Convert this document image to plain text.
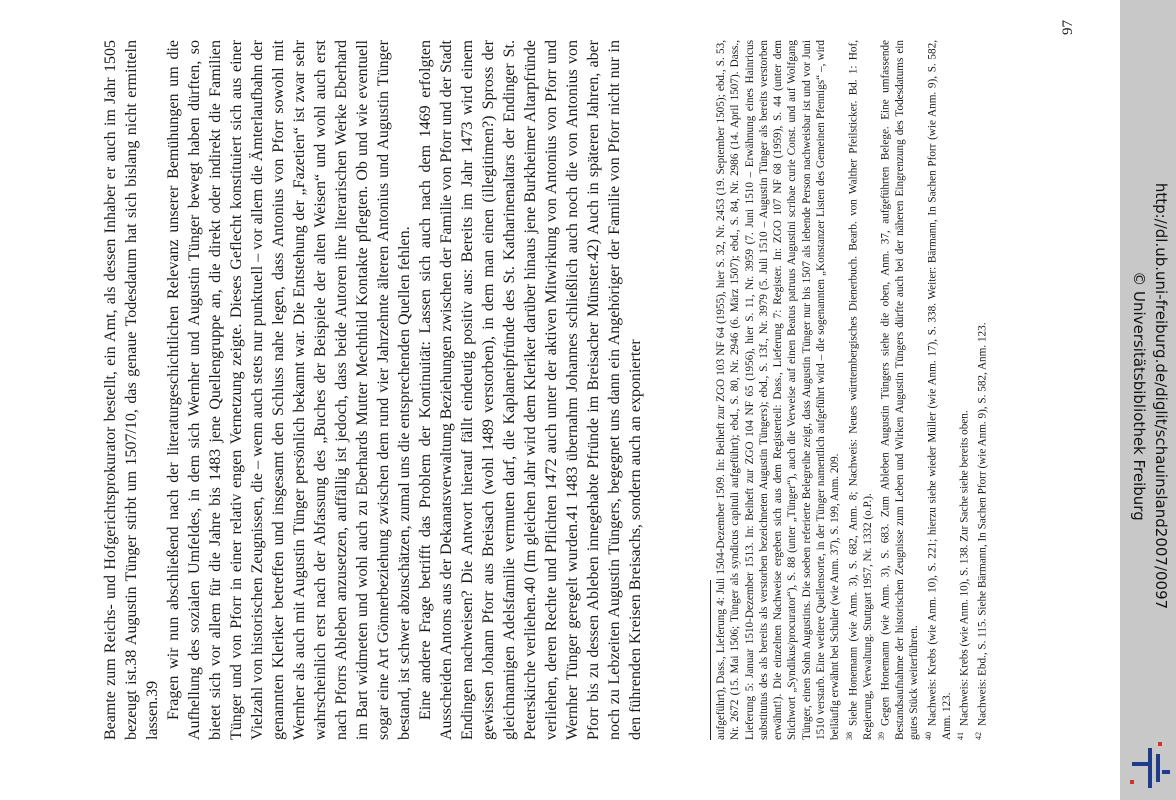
Beamte zum Reichs- und Hofgerichtsprokurator bestellt, ein Amt, als dessen Inhaber er auch im Jahr 1505 bezeugt ist.38 Augustin Tünger stirbt um 1507/10, das genaue Todesdatum hat sich bislang nicht ermitteln lassen.39 Fragen wir nun abschließend nach der literaturgeschichtlichen Relevanz unserer Bemühungen um die Aufhellung des sozialen Umfeldes, in dem sich Wernher und Augustin Tünger bewegt haben dürften, so bietet sich vor allem für die Jahre bis 1483 jene Quellengruppe an, die direkt oder indirekt die Familien Tünger und von Pforr in einer relativ engen Vernetzung zeigte. Dieses Geflecht konstituiert sich aus einer Vielzahl von historischen Zeugnissen, die – wenn auch stets nur punktuell – vor allem die Ämterlaufbahn der genannten Kleriker betreffen und insgesamt den Schluss nahe legen, dass Antonius von Pforr sowohl mit Wernher als auch mit Augustin Tünger persönlich bekannt war. Die Entstehung der „Fazetien“ ist zwar sehr wahrscheinlich erst nach der Abfassung des „Buches der Beispiele der alten Weisen“ und wohl auch erst nach Pforrs Ableben anzusetzen, auffällig ist jedoch, dass beide Autoren ihre literarischen Werke Eberhard im Bart widmeten und wohl auch zu Eberhards Mutter Mechthild Kontakte pflegten. Ob und wie eventuell sogar eine Art Gönnerbeziehung zwischen dem rund vier Jahrzehnte älteren Antonius und Augustin Tünger bestand, ist schwer abzuschätzen, zumal uns die entsprechenden Quellen fehlen. Eine andere Frage betrifft das Problem der Kontinuität: Lassen sich auch nach dem 1469 erfolgten Ausscheiden Antons aus der Dekanatsverwaltung Beziehungen zwischen der Familie von Pforr und der Stadt Endingen nachweisen? Die Antwort hierauf fällt eindeutig positiv aus: Bereits im Jahr 1473 wird einem gewissen Johann Pforr aus Breisach (wohl 1489 verstorben), in dem man einen (illegitimen?) Spross der gleichnamigen Adelsfamilie vermuten darf, die Kaplaneipfründe des St. Katharinenaltars der Endinger St. Peterskirche verliehen.40 (Im gleichen Jahr wird dem Kleriker darüber hinaus jene Burkheimer Altarpfründe verliehen, deren Rechte und Pflichten 1472 auch unter der aktiven Mitwirkung von Antonius von Pforr und Wernher Tünger geregelt wurden.41 1483 übernahm Johannes schließlich auch noch die von Antonius von Pforr bis zu dessen Ableben innegehabte Pfründe im Breisacher Münster.42) Auch in späteren Jahren, aber noch zu Lebzeiten Augustin Tüngers, begegnet uns dann ein Angehöriger der Familie von Pforr nicht nur in den führenden Kreisen Breisachs, sondern auch an exponierter	aufgeführt), Dass., Lieferung 4: Juli 1504-Dezember 1509. In: Beiheft zur ZGO 103 NF 64 (1955), hier S. 32, Nr. 2453 (19. September 1505); ebd., S. 53, Nr. 2672 (15. Mai 1506; Tünger als syndicus capituli aufgeführt); ebd., S. 80, Nr. 2946 (6. März 1507); ebd., S. 84, Nr. 2986 (14. April 1507). Dass., Lieferung 5: Januar 1510-Dezember 1513. In: Beiheft zur ZGO 104 NF 65 (1956), hier S. 11, Nr. 3959 (7. Juni 1510 – Erwähnung eines Hainricus substitutus des als bereits als verstorben bezeichneten Augustin Tüngers); ebd., S. 13f., Nr. 3979 (5. Juli 1510 – Augustin Tünger als bereits verstorben erwähnt!). Die einzelnen Nachweise ergeben sich aus dem Registerteil: Dass., Lieferung 7: Register. In: ZGO 107 NF 68 (1959), S. 44 (unter dem Stichwort „Syndikus/procurator“), S. 88 (unter „Tünger“), auch die Verweise auf einen Beatus patruus Augustini scribae curie Const. und auf Wolfgang Tünger, einen Sohn Augustins. Die soeben referierte Belegreihe zeigt, dass Augustin Tünger nur bis 1507 als lebende Person nachweisbar ist und vor Juni 1510 verstarb. Eine weitere Quellensorte, in der Tünger namentlich aufgeführt wird – die sogenannten „Konstanzer Listen des Gemeinen Pfennigs“ –, wird beiläufig erwähnt bei Schuler (wie Anm. 37), S. 199, Anm. 209. $^{38}$Siehe Honemann (wie Anm. 3), S. 682, Anm. 8; Nachweis: Neues württembergisches Dienerbuch. Bearb. von Walther Pfeilsticker. Bd. 1: Hof, Regierung, Verwaltung. Stuttgart 1957, Nr. 1332 (o.P.). $^{39}$Gegen Honemann (wie Anm. 3), S. 683. Zum Ableben Augustin Tüngers siehe die oben, Anm. 37, aufgeführten Belege. Eine umfassende Bestandsaufnahme der historischen Zeugnisse zum Leben und Wirken Augustin Tüngers dürfte auch bei der näheren Eingrenzung des Todesdatums ein gutes Stück weiterführen. $^{40}$Nachweis: Krebs (wie Anm. 10), S. 221; hierzu siehe wieder Müller (wie Anm. 17), S. 338. Weiter: Bärmann, In Sachen Pforr (wie Anm. 9), S. 582, Anm. 123. $^{41}$Nachweis: Krebs (wie Anm. 10), S. 138. Zur Sache siehe bereits oben.

$^{42}$Nachweis: Ebd., S. 115. Siehe Bärmann, In Sachen Pforr (wie Anm. 9), S. 582, Anm. 123.

97
http://dl.ub.uni-freiburg.de/diglit/schauinsland2007/0097
© Universitätsbibliothek Freiburg
